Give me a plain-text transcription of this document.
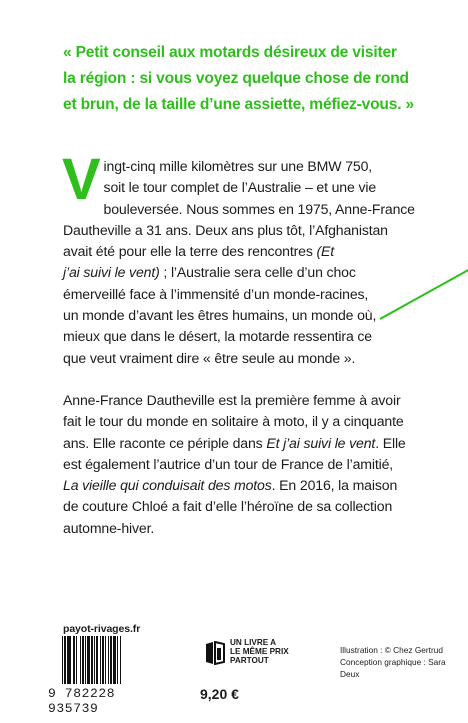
« Petit conseil aux motards désireux de visiter
la région : si vous voyez quelque chose de rond
et brun, de la taille d’une assiette, méfiez-vous. »

V ingt-cinq mille kilomètres sur une BMW 750,
soit le tour complet de l’Australie – et une vie
bouleversée. Nous sommes en 1975, Anne-France
Dautheville a 31 ans. Deux ans plus tôt, l’Afghanistan
avait été pour elle la terre des rencontres (Et
j’ai suivi le vent) ; l’Australie sera celle d’un choc
émerveillé face à l’immensité d’un monde-racines,
un monde d’avant les êtres humains, un monde où,
mieux que dans le désert, la motarde ressentira ce
que veut vraiment dire « être seule au monde ».

Anne-France Dautheville est la première femme à avoir
fait le tour du monde en solitaire à moto, il y a cinquante
ans. Elle raconte ce périple dans Et j’ai suivi le vent. Elle
est également l’autrice d’un tour de France de l’amitié,
La vieille qui conduisait des motos. En 2016, la maison
de couture Chloé a fait d’elle l’héroïne de sa collection
automne-hiver.

payot-rivages.fr

9 782228 935739

9,20 €

UN LIVRE A
LE MÊME PRIX
PARTOUT

Illustration : © Chez Gertrud
Conception graphique : Sara Deux
